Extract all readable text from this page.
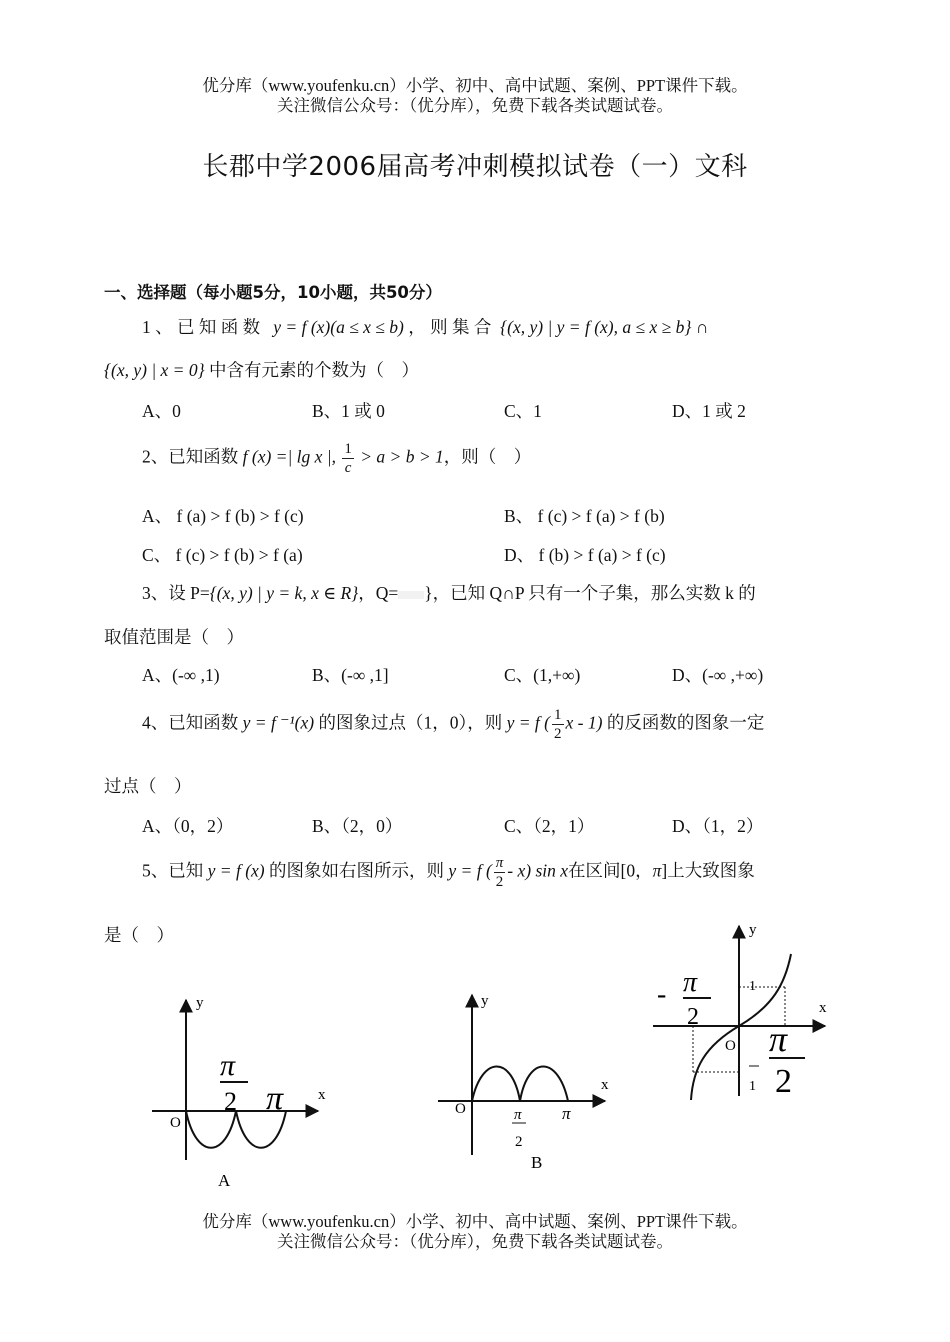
优分库（www.youfenku.cn）小学、初中、高中试题、案例、PPT课件下载。
关注微信公众号：（优分库），免费下载各类试题试卷。
长郡中学2006届高考冲刺模拟试卷（一）文科
一、选择题（每小题5分，10小题，共50分）
1 、 已 知 函 数 y = f (x)(a ≤ x ≤ b) ， 则 集 合 {(x, y) | y = f (x), a ≤ x ≥ b} ∩
{(x, y) | x = 0} 中含有元素的个数为（　）
A、0	B、1 或 0	C、1	D、1 或 2
2、已知函数 f (x) =| lg x |, $\frac{1}{c} > a > b > 1$，则（　）
A、 f (a) > f (b) > f (c)	B、 f (c) > f (a) > f (b)
C、 f (c) > f (b) > f (a)	D、 f (b) > f (a) > f (c)
3、设 P={(x, y) | y = k, x ∈ R}，Q= }，已知 Q∩P 只有一个子集，那么实数 k 的
取值范围是（　）
A、(-∞ ,1)	B、(-∞ ,1]	C、(1,+∞)	D、(-∞ ,+∞)
4、已知函数 y = f ⁻¹(x) 的图象过点（1，0），则 y = f ( $\frac{1}{2}$ x - 1) 的反函数的图象一定
过点（　）
A、（0，2）	B、（2，0）	C、（2，1）	D、（1，2）
5、已知 y = f (x) 的图象如右图所示，则 y = f ( $\frac{\pi}{2} - x$) sin x在区间[0，π]上大致图象
是（　）
y
x
O
π
2 π
A
y
x
O	π
2
π
B
y
x
O
1
1
- π
2
π
2
优分库（www.youfenku.cn）小学、初中、高中试题、案例、PPT课件下载。
关注微信公众号：（优分库），免费下载各类试题试卷。
